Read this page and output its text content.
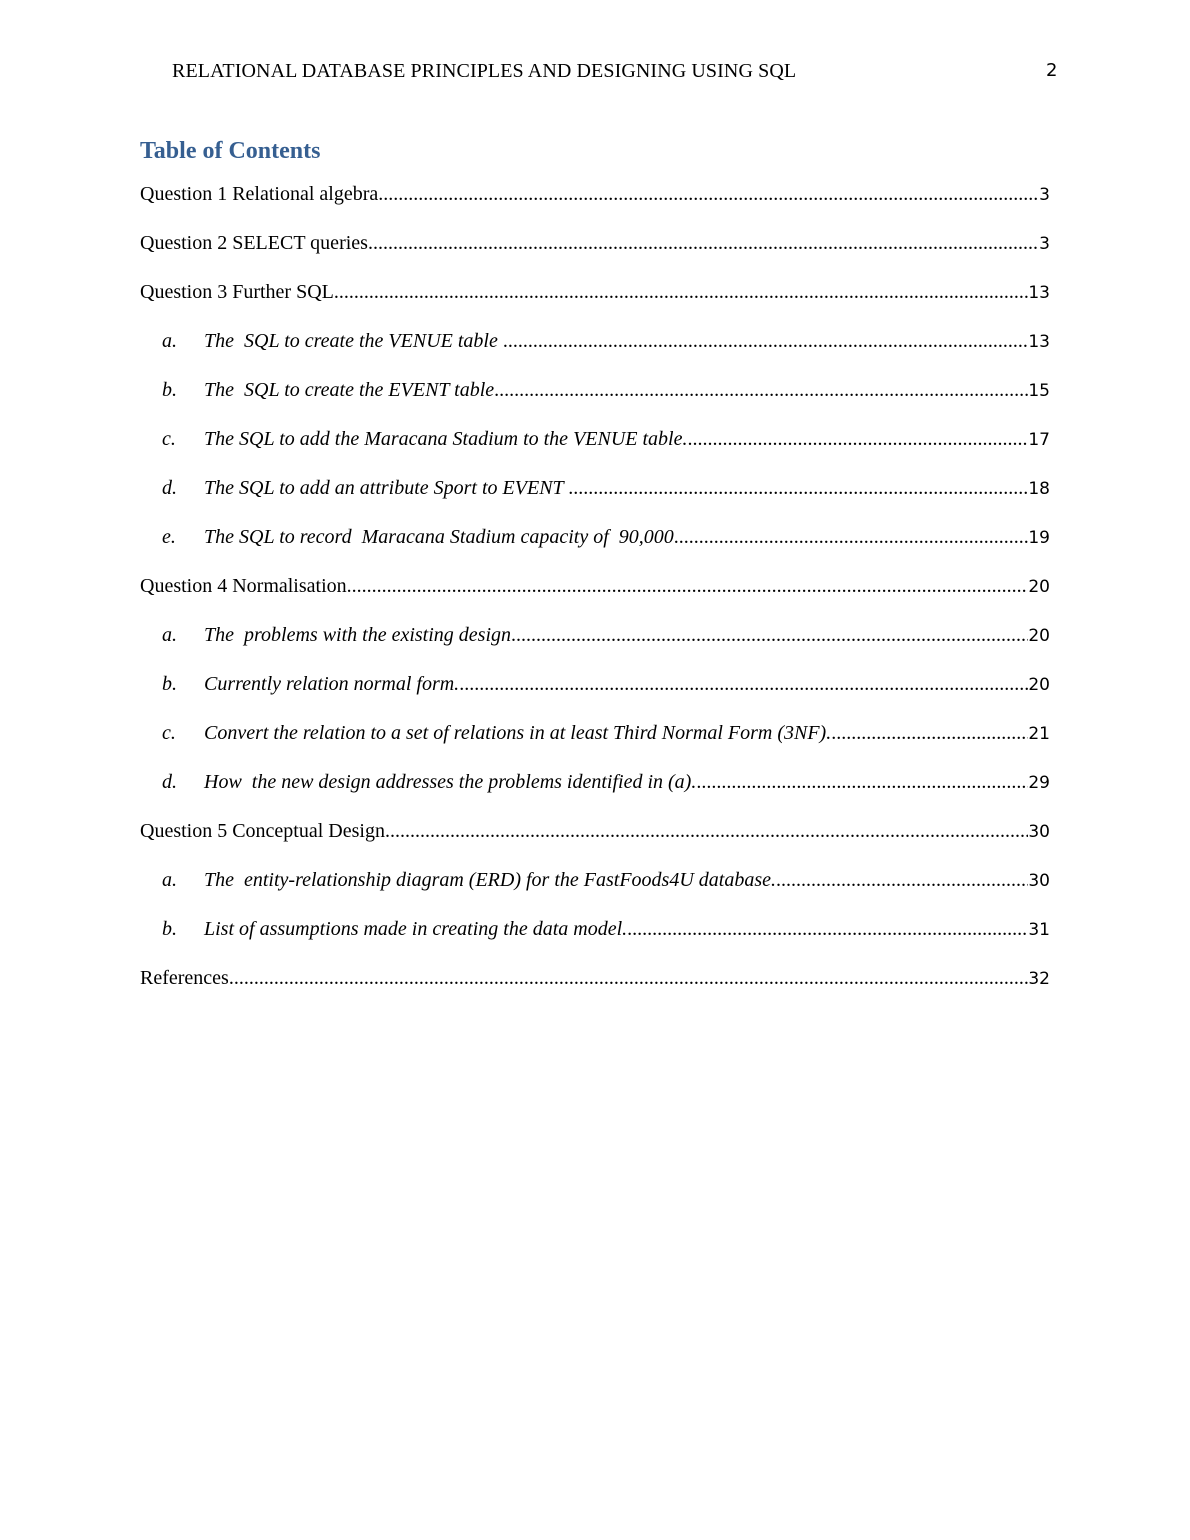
RELATIONAL DATABASE PRINCIPLES AND DESIGNING USING SQL	2
Table of Contents
Question 1 Relational algebra .....	3
Question 2 SELECT queries .....	3
Question 3 Further SQL .....	13
a.	The  SQL to create the VENUE table .....	13
b.	The  SQL to create the EVENT table .....	15
c.	The SQL to add the Maracana Stadium to the VENUE table. .....	17
d.	The SQL to add an attribute Sport to EVENT .....	18
e.	The SQL to record  Maracana Stadium capacity of  90,000 .....	19
Question 4 Normalisation .....	20
a.	The  problems with the existing design .....	20
b.	Currently relation normal form. .....	20
c.	Convert the relation to a set of relations in at least Third Normal Form (3NF). .....	21
d.	How  the new design addresses the problems identified in (a). .....	29
Question 5 Conceptual Design .....	30
a.	The  entity-relationship diagram (ERD) for the FastFoods4U database. .....	30
b.	List of assumptions made in creating the data model. .....	31
References .....	32
